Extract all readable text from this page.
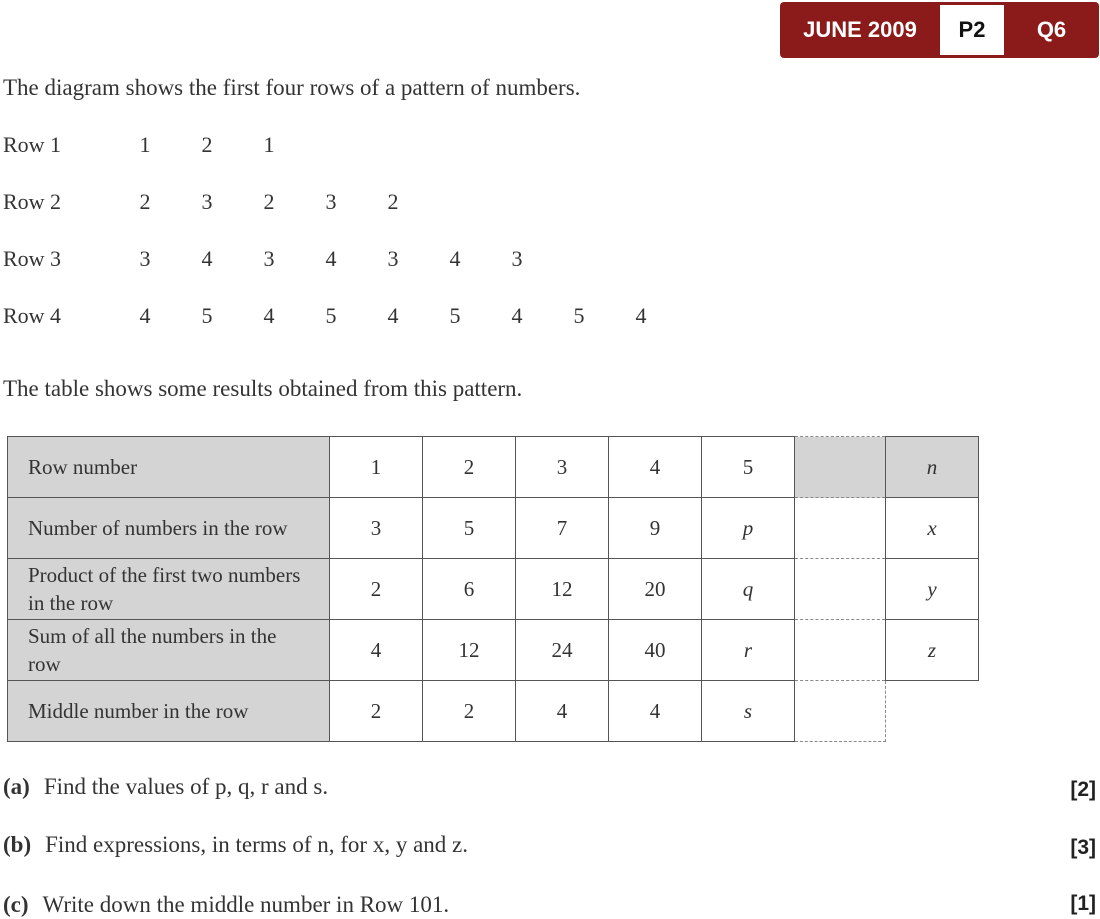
JUNE 2009	P2	Q6
The diagram shows the first four rows of a pattern of numbers.
Row 1	1 2 1
Row 2	2 3 2 3 2
Row 3	3 4 3 4 3 4 3
Row 4	4 5 4 5 4 5 4 5 4
The table shows some results obtained from this pattern.
Row number	1	2	3	4	5		n
Number of numbers in the row	3	5	7	9	p		x
Product of the first two numbers in the row	2	6	12	20	q		y
Sum of all the numbers in the row	4	12	24	40	r		z
Middle number in the row	2	2	4	4	s		
(a) Find the values of p, q, r and s.	[2]
(b) Find expressions, in terms of n, for x, y and z.	[3]
(c) Write down the middle number in Row 101.	[1]
